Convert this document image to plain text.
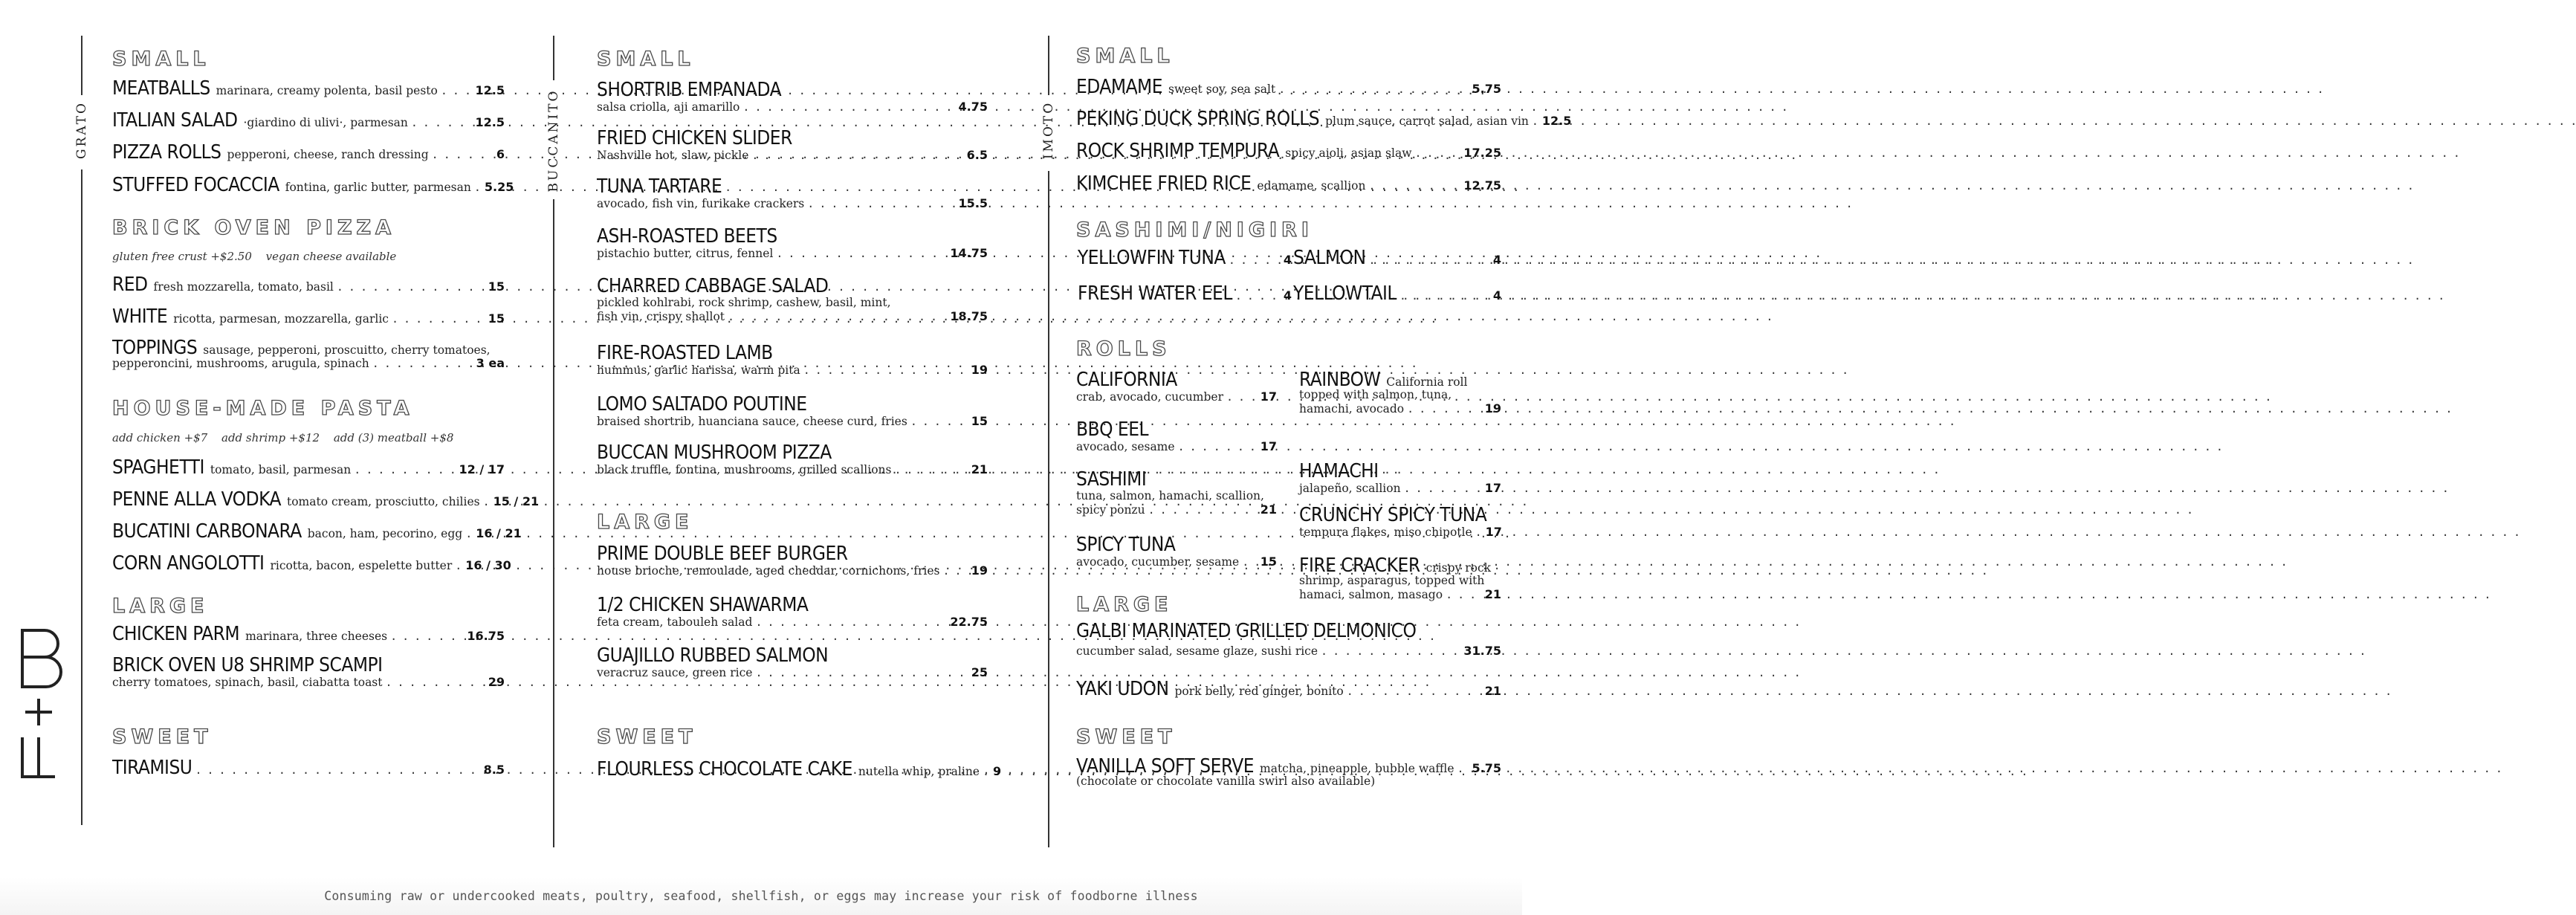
GRATO	BUCCANITO	IMOTO
SMALL
MEATBALLS marinara, creamy polenta, basil pesto . . .	12.5
ITALIAN SALAD ·giardino di ulivi·, parmesan . . .	12.5
PIZZA ROLLS pepperoni, cheese, ranch dressing . . .	6
STUFFED FOCACCIA fontina, garlic butter, parmesan . . . 5.25
BRICK OVEN PIZZA
gluten free crust +$2.50 vegan cheese available
RED fresh mozzarella, tomato, basil . . .	15
WHITE ricotta, parmesan, mozzarella, garlic . . .	15
TOPPINGS sausage, pepperoni, proscuitto, cherry tomatoes,
pepperoncini, mushrooms, arugula, spinach . . .	3 ea
HOUSE-MADE PASTA
add chicken +$7 add shrimp +$12 add (3) meatball +$8
SPAGHETTI tomato, basil, parmesan . . .	12 / 17
PENNE ALLA VODKA tomato cream, prosciutto, chilies . . . 15 / 21
BUCATINI CARBONARA bacon, ham, pecorino, egg . . . 16 / 21
CORN ANGOLOTTI ricotta, bacon, espelette butter . . . 16 / 30
LARGE
CHICKEN PARM marinara, three cheeses . . .	16.75
BRICK OVEN U8 SHRIMP SCAMPI
cherry tomatoes, spinach, basil, ciabatta toast . . .	29
SWEET
TIRAMISU . . .	8.5
SMALL
SHORTRIB EMPANADA
salsa criolla, aji amarillo . . .	4.75
FRIED CHICKEN SLIDER
Nashville hot, slaw, pickle . . .	6.5
TUNA TARTARE
avocado, fish vin, furikake crackers . . .	15.5
ASH-ROASTED BEETS
pistachio butter, citrus, fennel . . .	14.75
CHARRED CABBAGE SALAD
pickled kohlrabi, rock shrimp, cashew, basil, mint,
fish vin, crispy shallot . . .	18.75
FIRE-ROASTED LAMB
hummus, garlic harissa, warm pita . . .	19
LOMO SALTADO POUTINE
braised shortrib, huanciana sauce, cheese curd, fries . . .	15
BUCCAN MUSHROOM PIZZA
black truffle, fontina, mushrooms, grilled scallions . . .	21
LARGE
PRIME DOUBLE BEEF BURGER
house brioche, remoulade, aged cheddar, cornichons, fries . . .	19
1/2 CHICKEN SHAWARMA
feta cream, tabouleh salad . . .	22.75
GUAJILLO RUBBED SALMON
veracruz sauce, green rice . . .	25
SWEET
FLOURLESS CHOCOLATE CAKE nutella whip, praline . . . 9
SMALL
EDAMAME sweet soy, sea salt . . .	5.75
PEKING DUCK SPRING ROLLS plum sauce, carrot salad, asian vin . . . 12.5
ROCK SHRIMP TEMPURA spicy aioli, asian slaw . . .	17.25
KIMCHEE FRIED RICE edamame, scallion . . .	12.75
SASHIMI/NIGIRI
YELLOWFIN TUNA . . .	4 SALMON . . .	4
FRESH WATER EEL . . .	4 YELLOWTAIL . . .	4
ROLLS
CALIFORNIA
crab, avocado, cucumber . . .	17
BBQ EEL
avocado, sesame . . .	17
SASHIMI
tuna, salmon, hamachi, scallion,
spicy ponzu . . .	21
SPICY TUNA
avocado, cucumber, sesame . . . 15
RAINBOW California roll
topped with salmon, tuna,
hamachi, avocado . . .	19
HAMACHI
jalapeño, scallion . . .	17
CRUNCHY SPICY TUNA
tempura flakes, miso chipotle . . . 17
FIRE CRACKER crispy rock
shrimp, asparagus, topped with
hamaci, salmon, masago . . .	21
LARGE
GALBI MARINATED GRILLED DELMONICO
cucumber salad, sesame glaze, sushi rice . . .	31.75
YAKI UDON pork belly, red ginger, bonito . . .	21
SWEET
VANILLA SOFT SERVE matcha, pineapple, bubble waffle . . . 5.75
(chocolate or chocolate vanilla swirl also available)
Consuming raw or undercooked meats, poultry, seafood, shellfish, or eggs may increase your risk of foodborne illness
